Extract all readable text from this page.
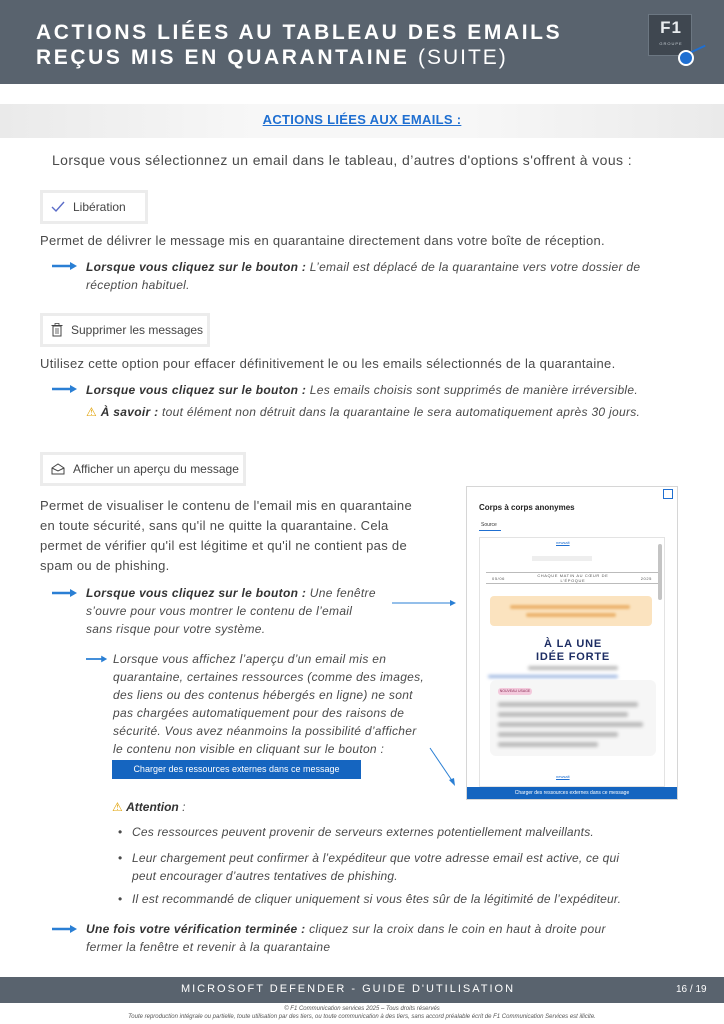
ACTIONS LIÉES AU TABLEAU DES EMAILS
REÇUS MIS EN QUARANTAINE (SUITE)
F1
GROUPE
ACTIONS LIÉES AUX EMAILS :
Lorsque vous sélectionnez un email dans le tableau, d’autres d'options s'offrent à vous :
Libération
Permet de délivrer le message mis en quarantaine directement dans votre boîte de réception.
Lorsque vous cliquez sur le bouton : L’email est déplacé de la quarantaine vers votre dossier de
réception habituel.
Supprimer les messages
Utilisez cette option pour effacer définitivement le ou les emails sélectionnés de la quarantaine.
Lorsque vous cliquez sur le bouton : Les emails choisis sont supprimés de manière irréversible.
⚠ À savoir : tout élément non détruit dans la quarantaine le sera automatiquement après 30 jours.
Afficher un aperçu du message
Permet de visualiser le contenu de l'email mis en quarantaine
en toute sécurité, sans qu'il ne quitte la quarantaine. Cela
permet de vérifier qu'il est légitime et qu'il ne contient pas de
spam ou de phishing.
Lorsque vous cliquez sur le bouton : Une fenêtre
s’ouvre pour vous montrer le contenu de l’email
sans risque pour votre système.
Lorsque vous affichez l’aperçu d’un email mis en
quarantaine, certaines ressources (comme des images,
des liens ou des contenus hébergés en ligne) ne sont
pas chargées automatiquement pour des raisons de
sécurité. Vous avez néanmoins la possibilité d’afficher
le contenu non visible en cliquant sur le bouton :
Charger des ressources externes dans ce message
Corps à corps anonymes
Source
newsalt
05/06	CHAQUE MATIN AU CŒUR DE
L’ÉPOQUE	2025
À LA UNE
IDÉE FORTE
NOUVEAU USAGE
newsalt
Charger des ressources externes dans ce message
⚠ Attention :
• Ces ressources peuvent provenir de serveurs externes potentiellement malveillants.
• Leur chargement peut confirmer à l’expéditeur que votre adresse email est active, ce qui
peut encourager d’autres tentatives de phishing.
• Il est recommandé de cliquer uniquement si vous êtes sûr de la légitimité de l’expéditeur.
Une fois votre vérification terminée : cliquez sur la croix dans le coin en haut à droite pour
fermer la fenêtre et revenir à la quarantaine
MICROSOFT DEFENDER - GUIDE D'UTILISATION	16 / 19
© F1 Communication services 2025 – Tous droits réservés
Toute reproduction intégrale ou partielle, toute utilisation par des tiers, ou toute communication à des tiers, sans accord préalable écrit de F1 Communication Services est illicite.
